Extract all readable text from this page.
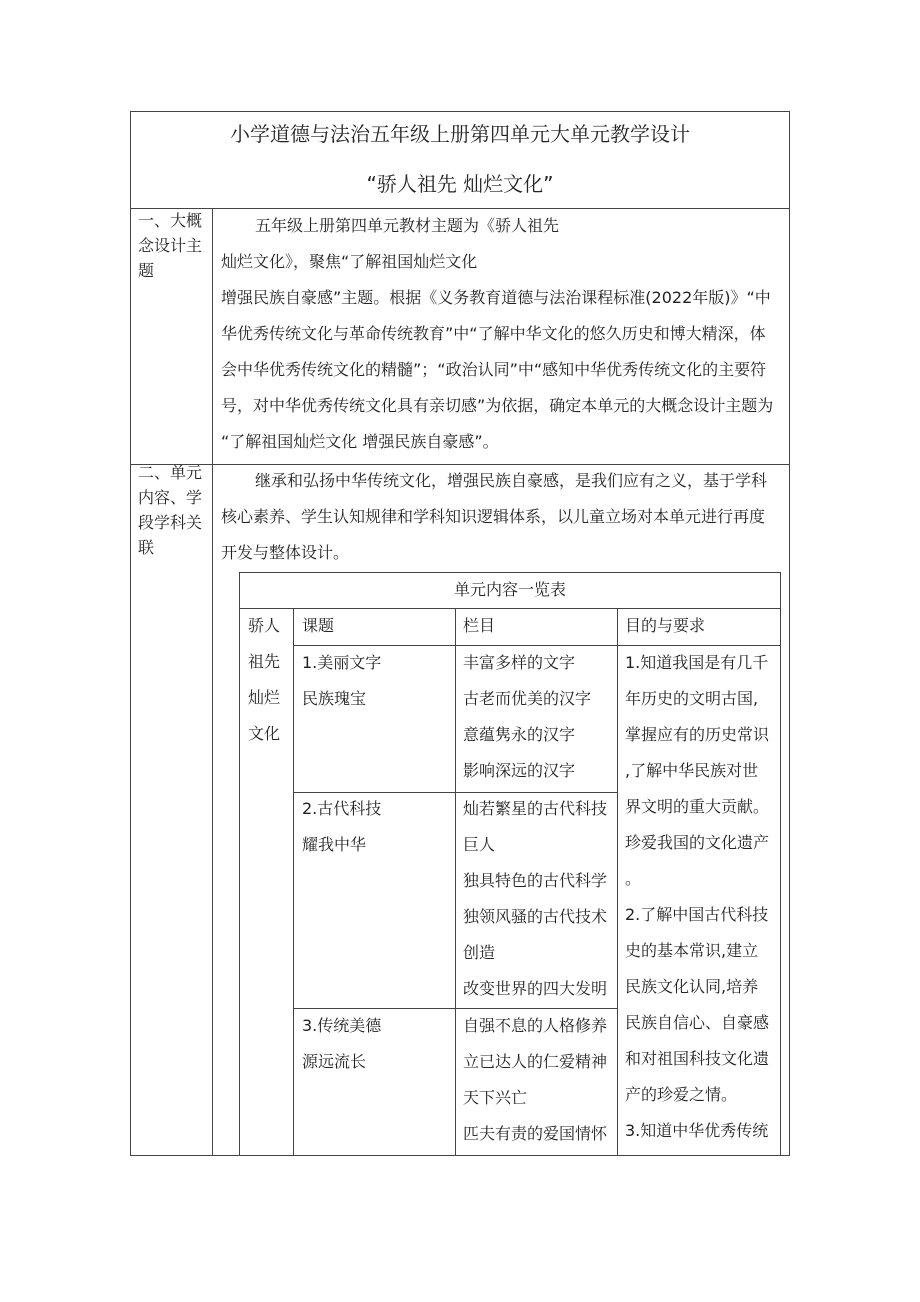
小学道德与法治五年级上册第四单元大单元教学设计
“骄人祖先 灿烂文化”
一、大概
念设计主
题
五年级上册第四单元教材主题为《骄人祖先
灿烂文化》，聚焦“了解祖国灿烂文化
增强民族自豪感”主题。根据《义务教育道德与法治课程标准(2022年版)》“中
华优秀传统文化与革命传统教育”中“了解中华文化的悠久历史和博大精深，体
会中华优秀传统文化的精髓”；“政治认同”中“感知中华优秀传统文化的主要符
号，对中华优秀传统文化具有亲切感”为依据，确定本单元的大概念设计主题为
“了解祖国灿烂文化 增强民族自豪感”。
二、单元
内容、学
段学科关
联
继承和弘扬中华传统文化，增强民族自豪感，是我们应有之义，基于学科
核心素养、学生认知规律和学科知识逻辑体系，以儿童立场对本单元进行再度
开发与整体设计。
单元内容一览表
骄人
祖先
灿烂
文化
课题	栏目	目的与要求
1.美丽文字
民族瑰宝
丰富多样的文字
古老而优美的汉字
意蕴隽永的汉字
影响深远的汉字
2.古代科技
耀我中华
灿若繁星的古代科技
巨人
独具特色的古代科学
独领风骚的古代技术
创造
改变世界的四大发明
3.传统美德
源远流长
自强不息的人格修养
立已达人的仁爱精神
天下兴亡
匹夫有责的爱国情怀
1.知道我国是有几千
年历史的文明古国,
掌握应有的历史常识
,了解中华民族对世
界文明的重大贡献。
珍爱我国的文化遗产
。
2.了解中国古代科技
史的基本常识,建立
民族文化认同,培养
民族自信心、自豪感
和对祖国科技文化遗
产的珍爱之情。
3.知道中华优秀传统
